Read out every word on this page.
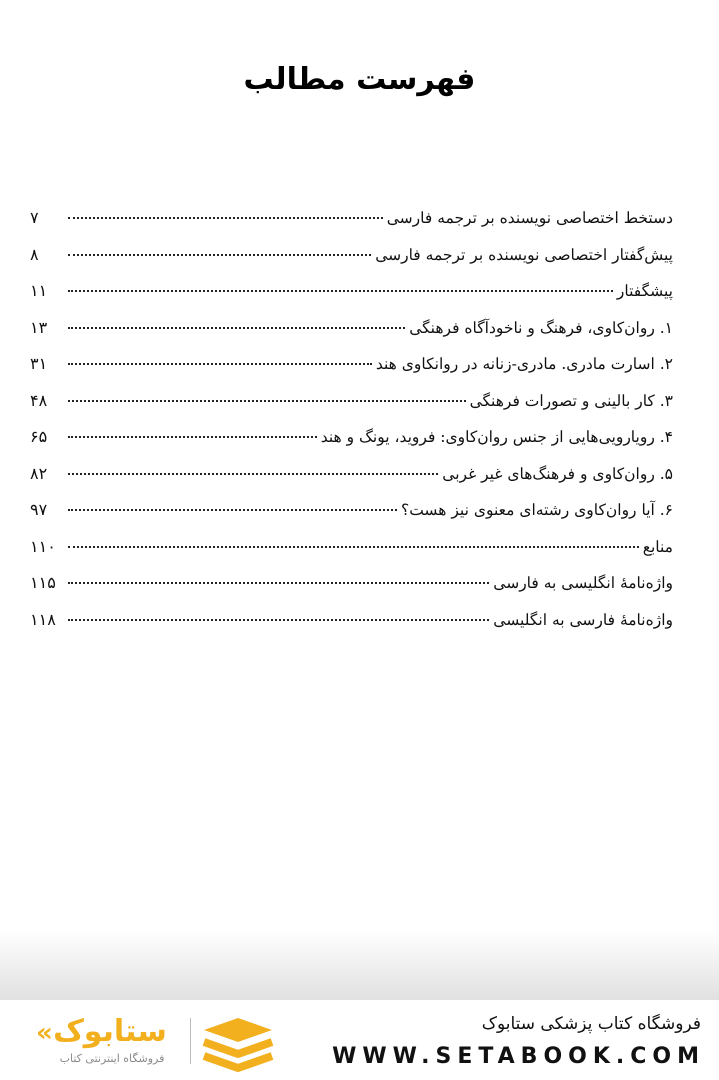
فهرست مطالب
دستخط اختصاصی نویسنده بر ترجمه فارسی
۷
پیش‌گفتار اختصاصی نویسنده بر ترجمه فارسی
۸
پیشگفتار
۱۱
۱. روان‌کاوی، فرهنگ و ناخودآگاه فرهنگی
۱۳
۲. اسارت مادری. مادری-زنانه در روانکاوی هند
۳۱
۳. کار بالینی و تصورات فرهنگی
۴۸
۴. رویارویی‌هایی از جنس روان‌کاوی: فروید، یونگ و هند
۶۵
۵. روان‌کاوی و فرهنگ‌های غیر غربی
۸۲
۶. آیا روان‌کاوی رشته‌ای معنوی نیز هست؟
۹۷
منابع
۱۱۰
واژه‌نامهٔ انگلیسی به فارسی
۱۱۵
واژه‌نامهٔ فارسی به انگلیسی
۱۱۸
فروشگاه کتاب پزشکی ستابوک
WWW.SETABOOK.COM
« ستابوک
فروشگاه اینترنتی کتاب
